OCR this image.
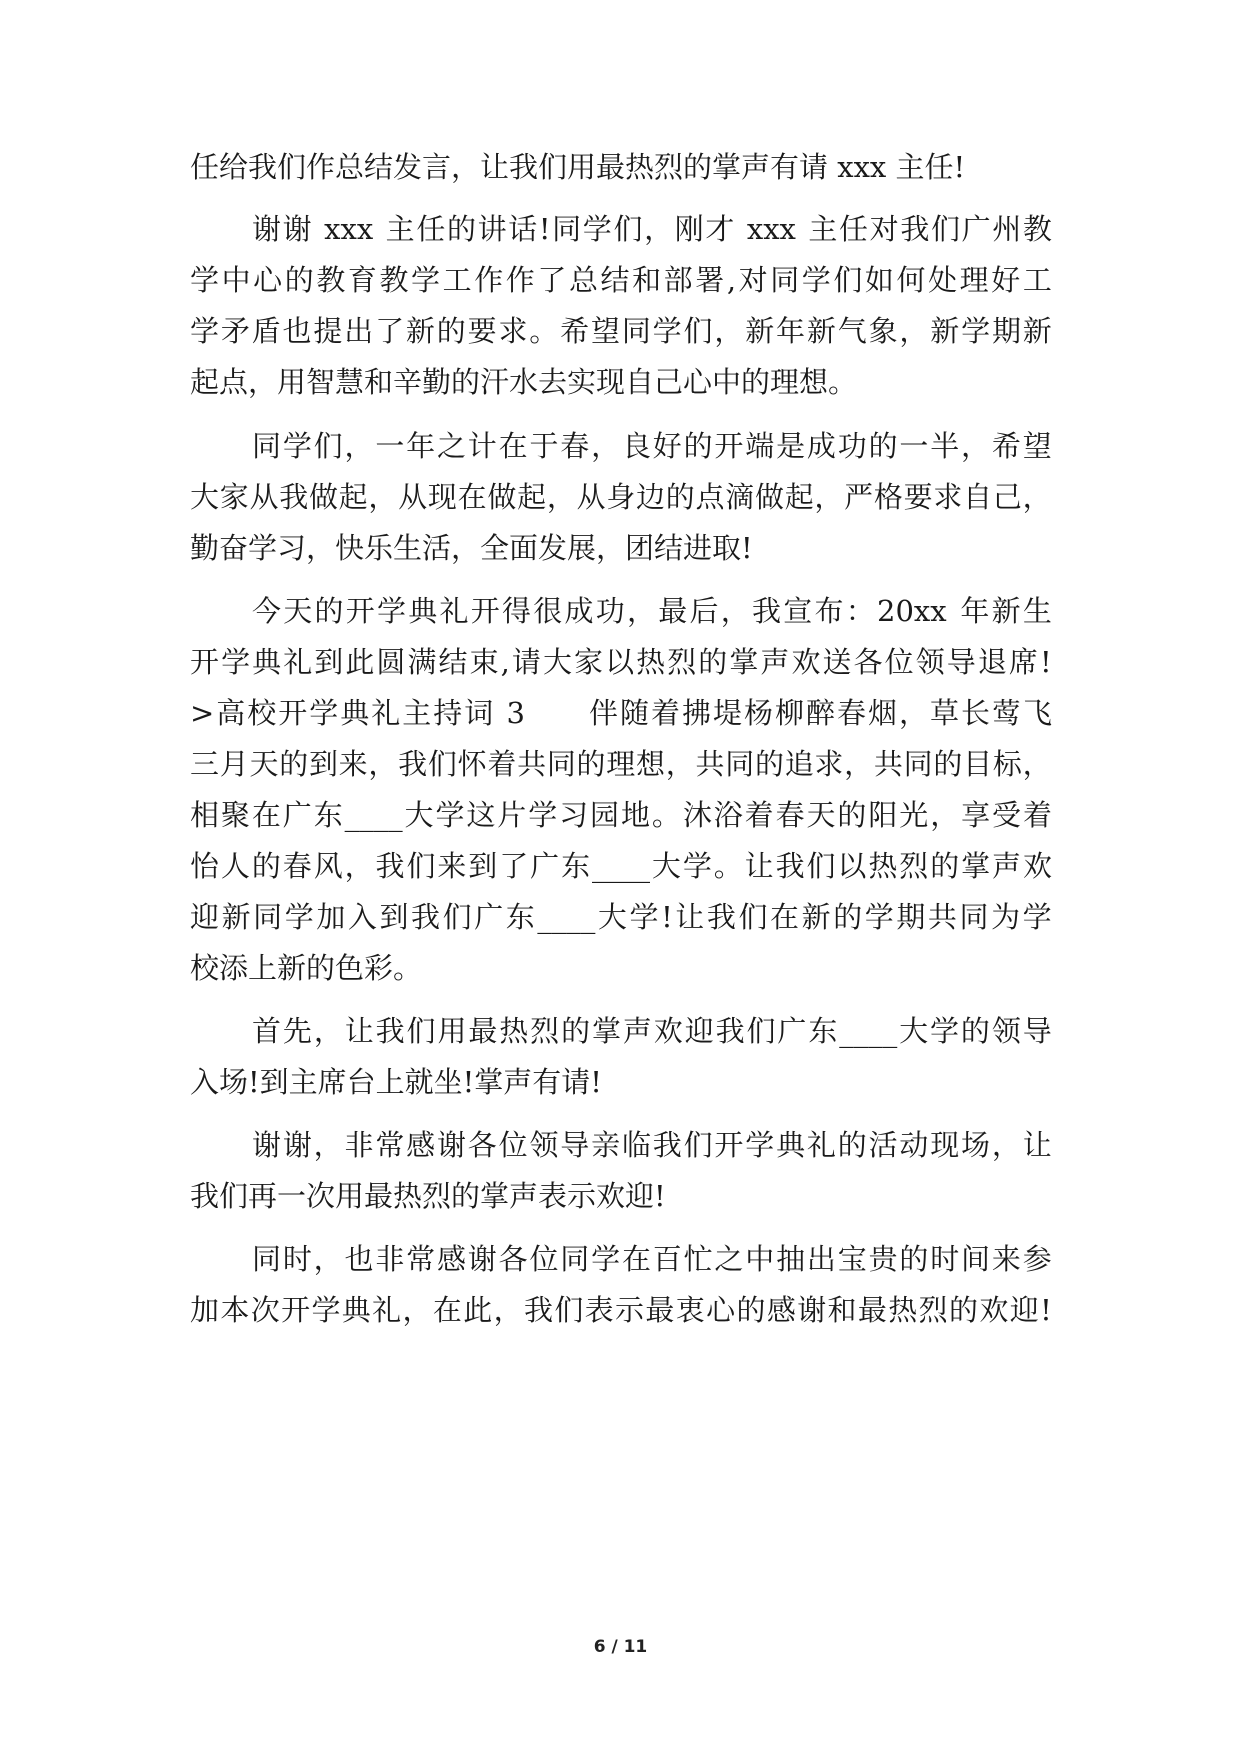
任给我们作总结发言，让我们用最热烈的掌声有请 xxx 主任!
谢 谢
xxx
主 任 的 讲 话 ! 同 学 们 ， 刚 才
xxx
主 任 对 我 们 广 州 教
学 中 心 的 教 育 教 学 工 作 作 了 总 结 和 部 署 , 对 同 学 们 如 何 处 理 好 工
学 矛 盾 也 提 出 了 新 的 要 求 。 希 望 同 学 们 ， 新 年 新 气 象 ， 新 学 期 新
起点，用智慧和辛勤的汗水去实现自己心中的理想。
同 学 们 ， 一 年 之 计 在 于 春 ， 良 好 的 开 端 是 成 功 的 一 半 ， 希 望
大 家 从 我 做 起 ， 从 现 在 做 起 ， 从 身 边 的 点 滴 做 起 ， 严 格 要 求 自 己 ，
勤奋学习，快乐生活，全面发展，团结进取!
今 天 的 开 学 典 礼 开 得 很 成 功 ， 最 后 ， 我 宣 布 ： 20xx
年 新 生
开 学 典 礼 到 此 圆 满 结 束 , 请 大 家 以 热 烈 的 掌 声 欢 送 各 位 领 导 退 席 !
> 高 校 开 学 典 礼 主 持 词
3

　 伴 随 着 拂 堤 杨 柳 醉 春 烟 ， 草 长 莺 飞
三 月 天 的 到 来 ， 我 们 怀 着 共 同 的 理 想 ， 共 同 的 追 求 ， 共 同 的 目 标 ，
相 聚 在 广 东 ____ 大 学 这 片 学 习 园 地 。 沐 浴 着 春 天 的 阳 光 ， 享 受 着
怡 人 的 春 风 ， 我 们 来 到 了 广 东 ____ 大 学 。 让 我 们 以 热 烈 的 掌 声 欢
迎 新 同 学 加 入 到 我 们 广 东 ____ 大 学 ! 让 我 们 在 新 的 学 期 共 同 为 学
校添上新的色彩。
首 先 ， 让 我 们 用 最 热 烈 的 掌 声 欢 迎 我 们 广 东 ____ 大 学 的 领 导
入场!到主席台上就坐!掌声有请!
谢 谢 ， 非 常 感 谢 各 位 领 导 亲 临 我 们 开 学 典 礼 的 活 动 现 场 ， 让
我们再一次用最热烈的掌声表示欢迎!
同 时 ， 也 非 常 感 谢 各 位 同 学 在 百 忙 之 中 抽 出 宝 贵 的 时 间 来 参
加 本 次 开 学 典 礼 ， 在 此 ， 我 们 表 示 最 衷 心 的 感 谢 和 最 热 烈 的 欢 迎 !
6 / 11
